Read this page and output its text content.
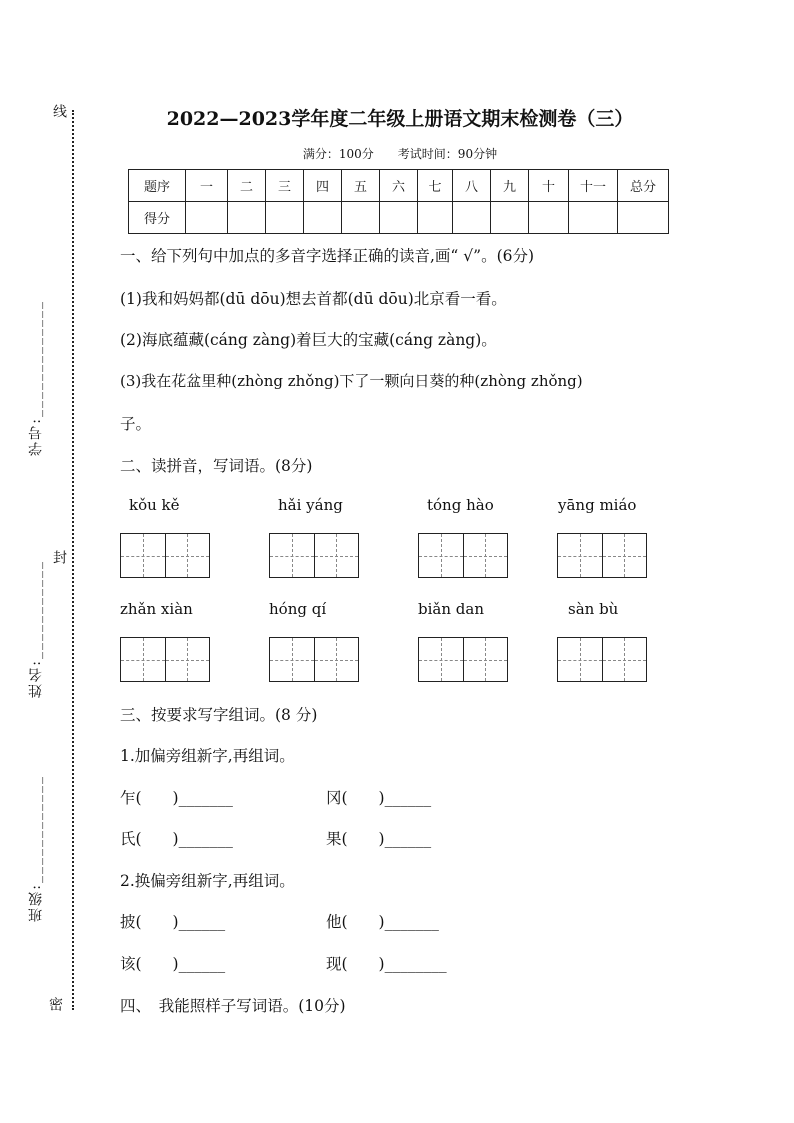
线
封
密
学号:_____________
姓名:___________
班级:____________
2022—2023学年度二年级上册语文期末检测卷（三）
满分：100分　　考试时间：90分钟
题序	一	二	三	四	五	六	七	八	九	十	十一	总分
得分												
一、给下列句中加点的多音字选择正确的读音,画“ √”。(6分)
(1)我和妈妈都(dū dōu)想去首都(dū dōu)北京看一看。
(2)海底蕴藏(cáng zàng)着巨大的宝藏(cáng zàng)。
(3)我在花盆里种(zhòng zhǒng)下了一颗向日葵的种(zhòng zhǒng)
子。
二、读拼音，写词语。(8分)
kǒu kě	hǎi yáng	tóng hào	yāng miáo
zhǎn xiàn	hóng qí	biǎn dan	sàn bù
三、按要求写字组词。(8 分)
1.加偏旁组新字,再组词。
乍(　　)_______	冈(　　)______
氏(　　)_______	果(　　)______
2.换偏旁组新字,再组词。
披(　　)______	他(　　)_______
该(　　)______	现(　　)________
四、　我能照样子写词语。(10分)
